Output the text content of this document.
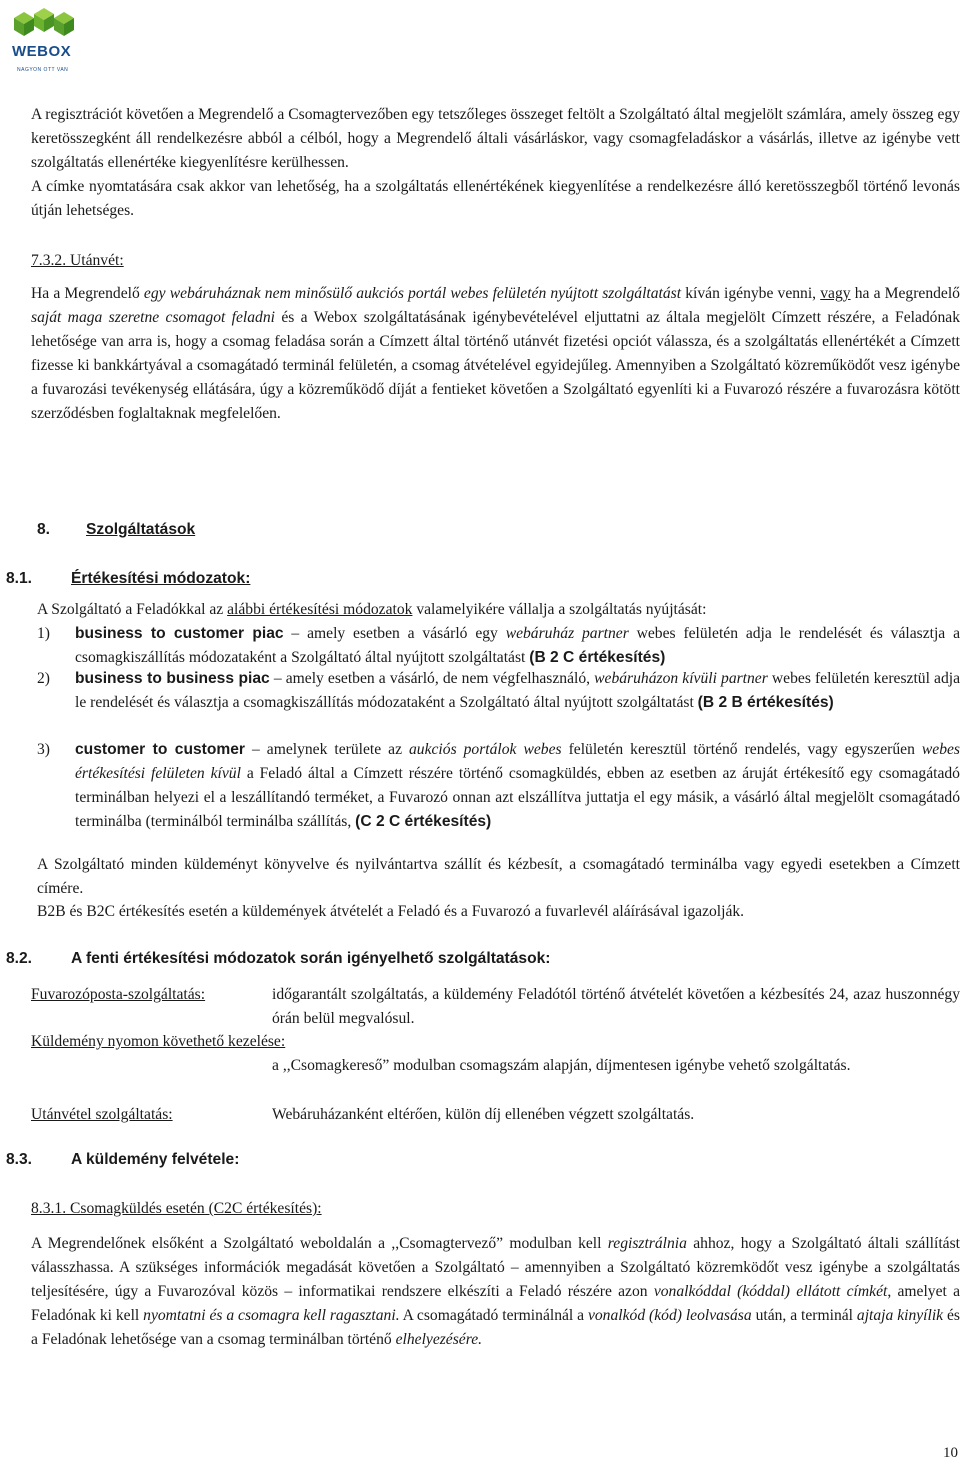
WEBOX
NAGYON OTT VAN
A regisztrációt követően a Megrendelő a Csomagtervezőben egy tetszőleges összeget feltölt a Szolgáltató által megjelölt számlára, amely összeg egy keretösszegként áll rendelkezésre abból a célból, hogy a Megrendelő általi vásárláskor, vagy csomagfeladáskor a vásárlás, illetve az igénybe vett szolgáltatás ellenértéke kiegyenlítésre kerülhessen.
A címke nyomtatására csak akkor van lehetőség, ha a szolgáltatás ellenértékének kiegyenlítése a rendelkezésre álló keretösszegből történő levonás útján lehetséges.
7.3.2. Utánvét:
Ha a Megrendelő egy webáruháznak nem minősülő aukciós portál webes felületén nyújtott szolgáltatást kíván igénybe venni, vagy ha a Megrendelő saját maga szeretne csomagot feladni és a Webox szolgáltatásának igénybevételével eljuttatni az általa megjelölt Címzett részére, a Feladónak lehetősége van arra is, hogy a csomag feladása során a Címzett által történő utánvét fizetési opciót válassza, és a szolgáltatás ellenértékét a Címzett fizesse ki bankkártyával a csomagátadó terminál felületén, a csomag átvételével egyidejűleg. Amennyiben a Szolgáltató közreműködőt vesz igénybe a fuvarozási tevékenység ellátására, úgy a közreműködő díját a fentieket követően a Szolgáltató egyenlíti ki a Fuvarozó részére a fuvarozásra kötött szerződésben foglaltaknak megfelelően.
8. Szolgáltatások
8.1. Értékesítési módozatok:
A Szolgáltató a Feladókkal az alábbi értékesítési módozatok valamelyikére vállalja a szolgáltatás nyújtását:
1) business to customer piac – amely esetben a vásárló egy webáruház partner webes felületén adja le rendelését és választja a csomagkiszállítás módozataként a Szolgáltató által nyújtott szolgáltatást (B 2 C értékesítés)
2) business to business piac – amely esetben a vásárló, de nem végfelhasználó, webáruházon kívüli partner webes felületén keresztül adja le rendelését és választja a csomagkiszállítás módozataként a Szolgáltató által nyújtott szolgáltatást (B 2 B értékesítés)
3) customer to customer – amelynek területe az aukciós portálok webes felületén keresztül történő rendelés, vagy egyszerűen webes értékesítési felületen kívül a Feladó által a Címzett részére történő csomagküldés, ebben az esetben az áruját értékesítő egy csomagátadó terminálban helyezi el a leszállítandó terméket, a Fuvarozó onnan azt elszállítva juttatja el egy másik, a vásárló által megjelölt csomagátadó terminálba (terminálból terminálba szállítás, (C 2 C értékesítés)
A Szolgáltató minden küldeményt könyvelve és nyilvántartva szállít és kézbesít, a csomagátadó terminálba vagy egyedi esetekben a Címzett címére.
B2B és B2C értékesítés esetén a küldemények átvételét a Feladó és a Fuvarozó a fuvarlevél aláírásával igazolják.
8.2. A fenti értékesítési módozatok során igényelhető szolgáltatások:
Fuvarozóposta-szolgáltatás:	időgarantált szolgáltatás, a küldemény Feladótól történő átvételét követően a kézbesítés 24, azaz huszonnégy órán belül megvalósul.
Küldemény nyomon követhető kezelése:
a ,,Csomagkereső” modulban csomagszám alapján, díjmentesen igénybe vehető szolgáltatás.
Utánvétel szolgáltatás:	Webáruházanként eltérően, külön díj ellenében végzett szolgáltatás.
8.3. A küldemény felvétele:
8.3.1. Csomagküldés esetén (C2C értékesítés):
A Megrendelőnek elsőként a Szolgáltató weboldalán a ,,Csomagtervező” modulban kell regisztrálnia ahhoz, hogy a Szolgáltató általi szállítást válasszhassa. A szükséges információk megadását követően a Szolgáltató – amennyiben a Szolgáltató közremködőt vesz igénybe a szolgáltatás teljesítésére, úgy a Fuvarozóval közös – informatikai rendszere elkészíti a Feladó részére azon vonalkóddal (kóddal) ellátott címkét, amelyet a Feladónak ki kell nyomtatni és a csomagra kell ragasztani. A csomagátadó terminálnál a vonalkód (kód) leolvasása után, a terminál ajtaja kinyílik és a Feladónak lehetősége van a csomag terminálban történő elhelyezésére.
10
